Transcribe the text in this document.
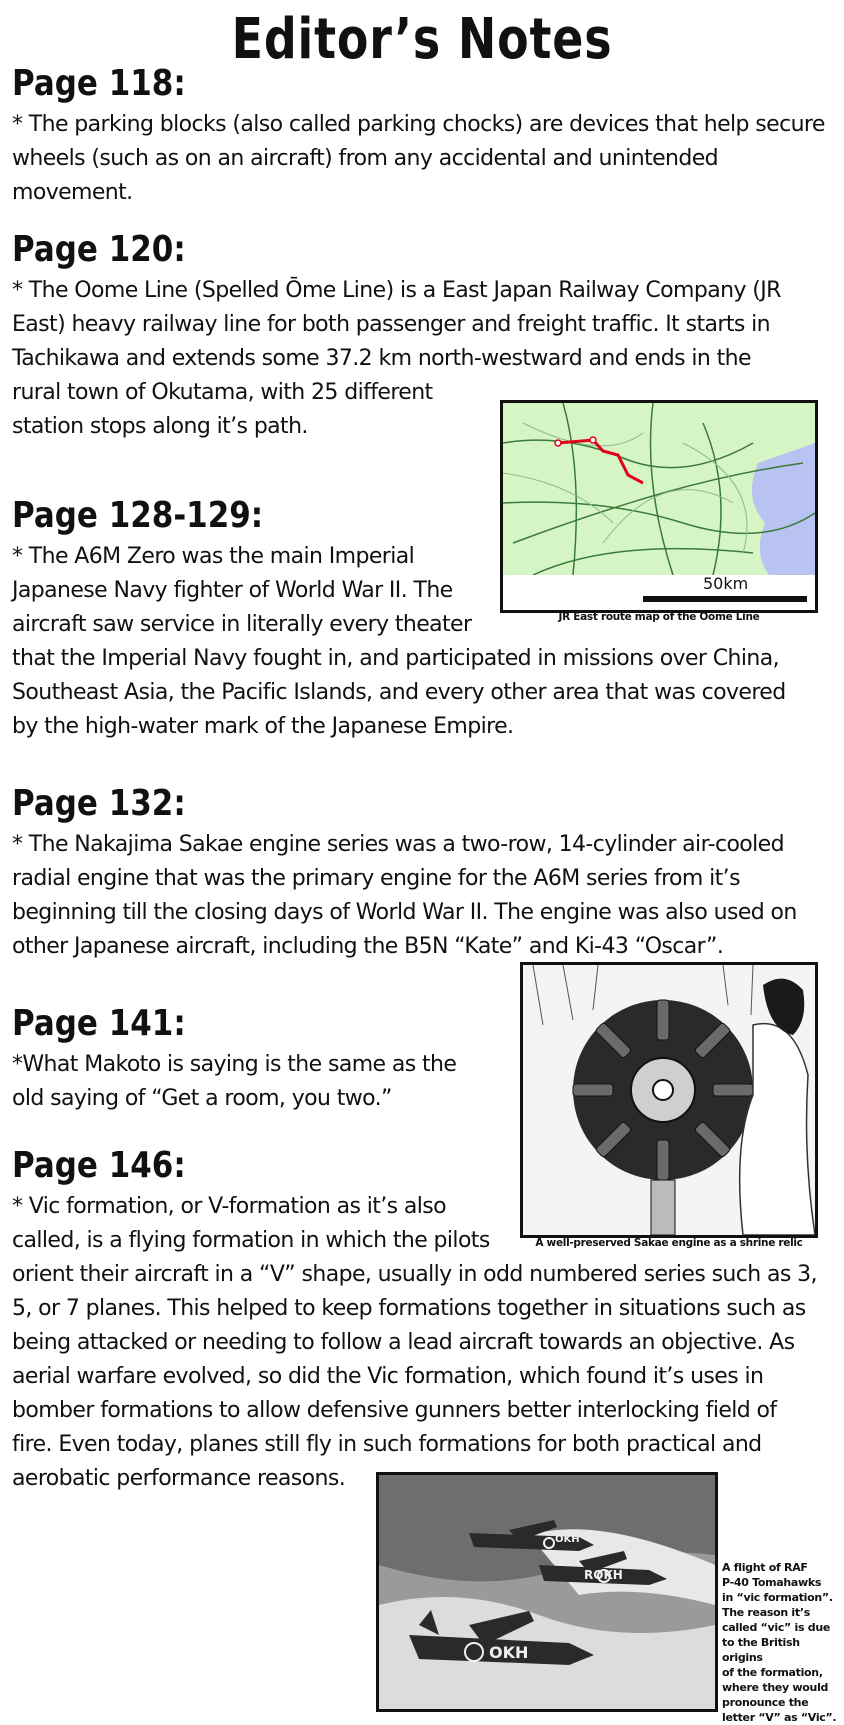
Editor’s Notes
Page 118:

* The parking blocks (also called parking chocks) are devices that help secure
wheels (such as on an aircraft) from any accidental and unintended
movement.

Page 120:

* The Oome Line (Spelled Ōme Line) is a East Japan Railway Company (JR
East) heavy railway line for both passenger and freight traffic. It starts in
Tachikawa and extends some 37.2 km north-westward and ends in the
rural town of Okutama, with 25 different
station stops along it’s path.

50km
JR East route map of the Oome Line
Page 128-129:

* The A6M Zero was the main Imperial
Japanese Navy fighter of World War II. The
aircraft saw service in literally every theater
that the Imperial Navy fought in, and participated in missions over China,
Southeast Asia, the Pacific Islands, and every other area that was covered
by the high-water mark of the Japanese Empire.

Page 132:

* The Nakajima Sakae engine series was a two-row, 14-cylinder air-cooled
radial engine that was the primary engine for the A6M series from it’s
beginning till the closing days of World War II. The engine was also used on
other Japanese aircraft, including the B5N “Kate” and Ki-43 “Oscar”.

A well-preserved Sakae engine as a shrine relic
Page 141:

*What Makoto is saying is the same as the
old saying of “Get a room, you two.”

Page 146:

* Vic formation, or V-formation as it’s also
called, is a flying formation in which the pilots
orient their aircraft in a “V” shape, usually in odd numbered series such as 3,
5, or 7 planes. This helped to keep formations together in situations such as
being attacked or needing to follow a lead aircraft towards an objective. As
aerial warfare evolved, so did the Vic formation, which found it’s uses in
bomber formations to allow defensive gunners better interlocking field of
fire. Even today, planes still fly in such formations for both practical and
aerobatic performance reasons.

OKH
ROKH
OKH
A flight of RAF
P-40 Tomahawks
in “vic formation”.
The reason it’s
called “vic” is due
to the British origins
of the formation,
where they would
pronounce the
letter “V” as “Vic”.
